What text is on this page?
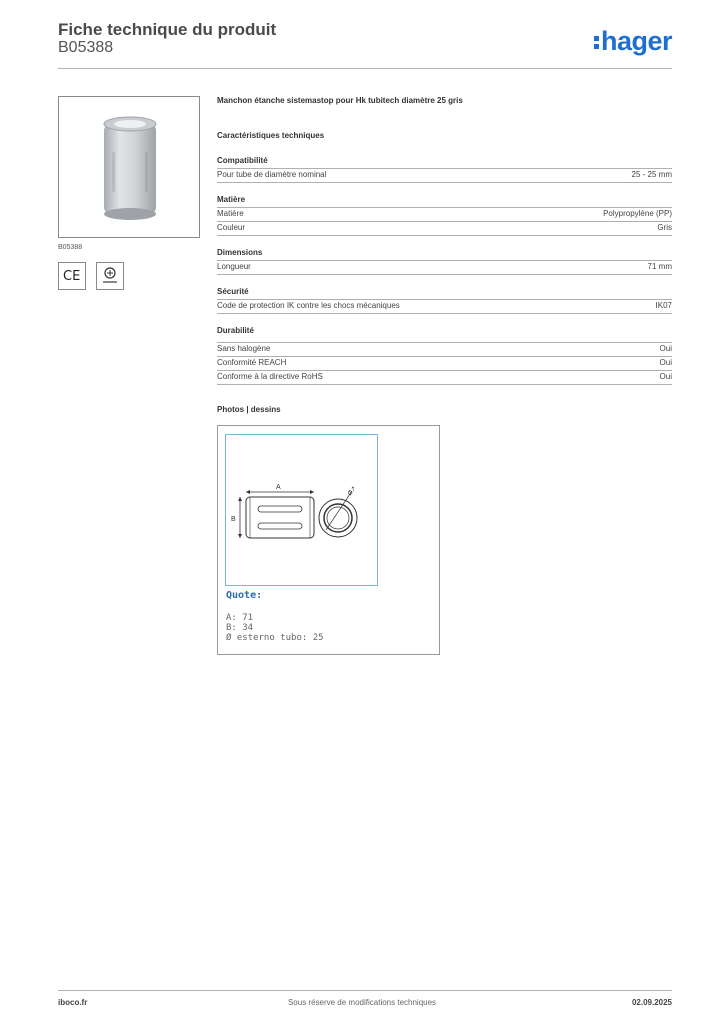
Fiche technique du produit
B05388	hager
B05388
CE
Manchon étanche sistemastop pour Hk tubitech diamètre 25 gris
Caractéristiques techniques
Compatibilité
Pour tube de diamètre nominal	25 - 25 mm
Matière
Matière	Polypropylène (PP)
Couleur	Gris
Dimensions
Longueur	71 mm
Sécurité
Code de protection IK contre les chocs mécaniques	IK07
Durabilité
Sans halogène	Oui
Conformité REACH	Oui
Conforme à la directive RoHS	Oui
Photos | dessins
A
B
Ø↗
Quote:
A: 71
B: 34
Ø esterno tubo: 25
iboco.fr	Sous réserve de modifications techniques	02.09.2025
